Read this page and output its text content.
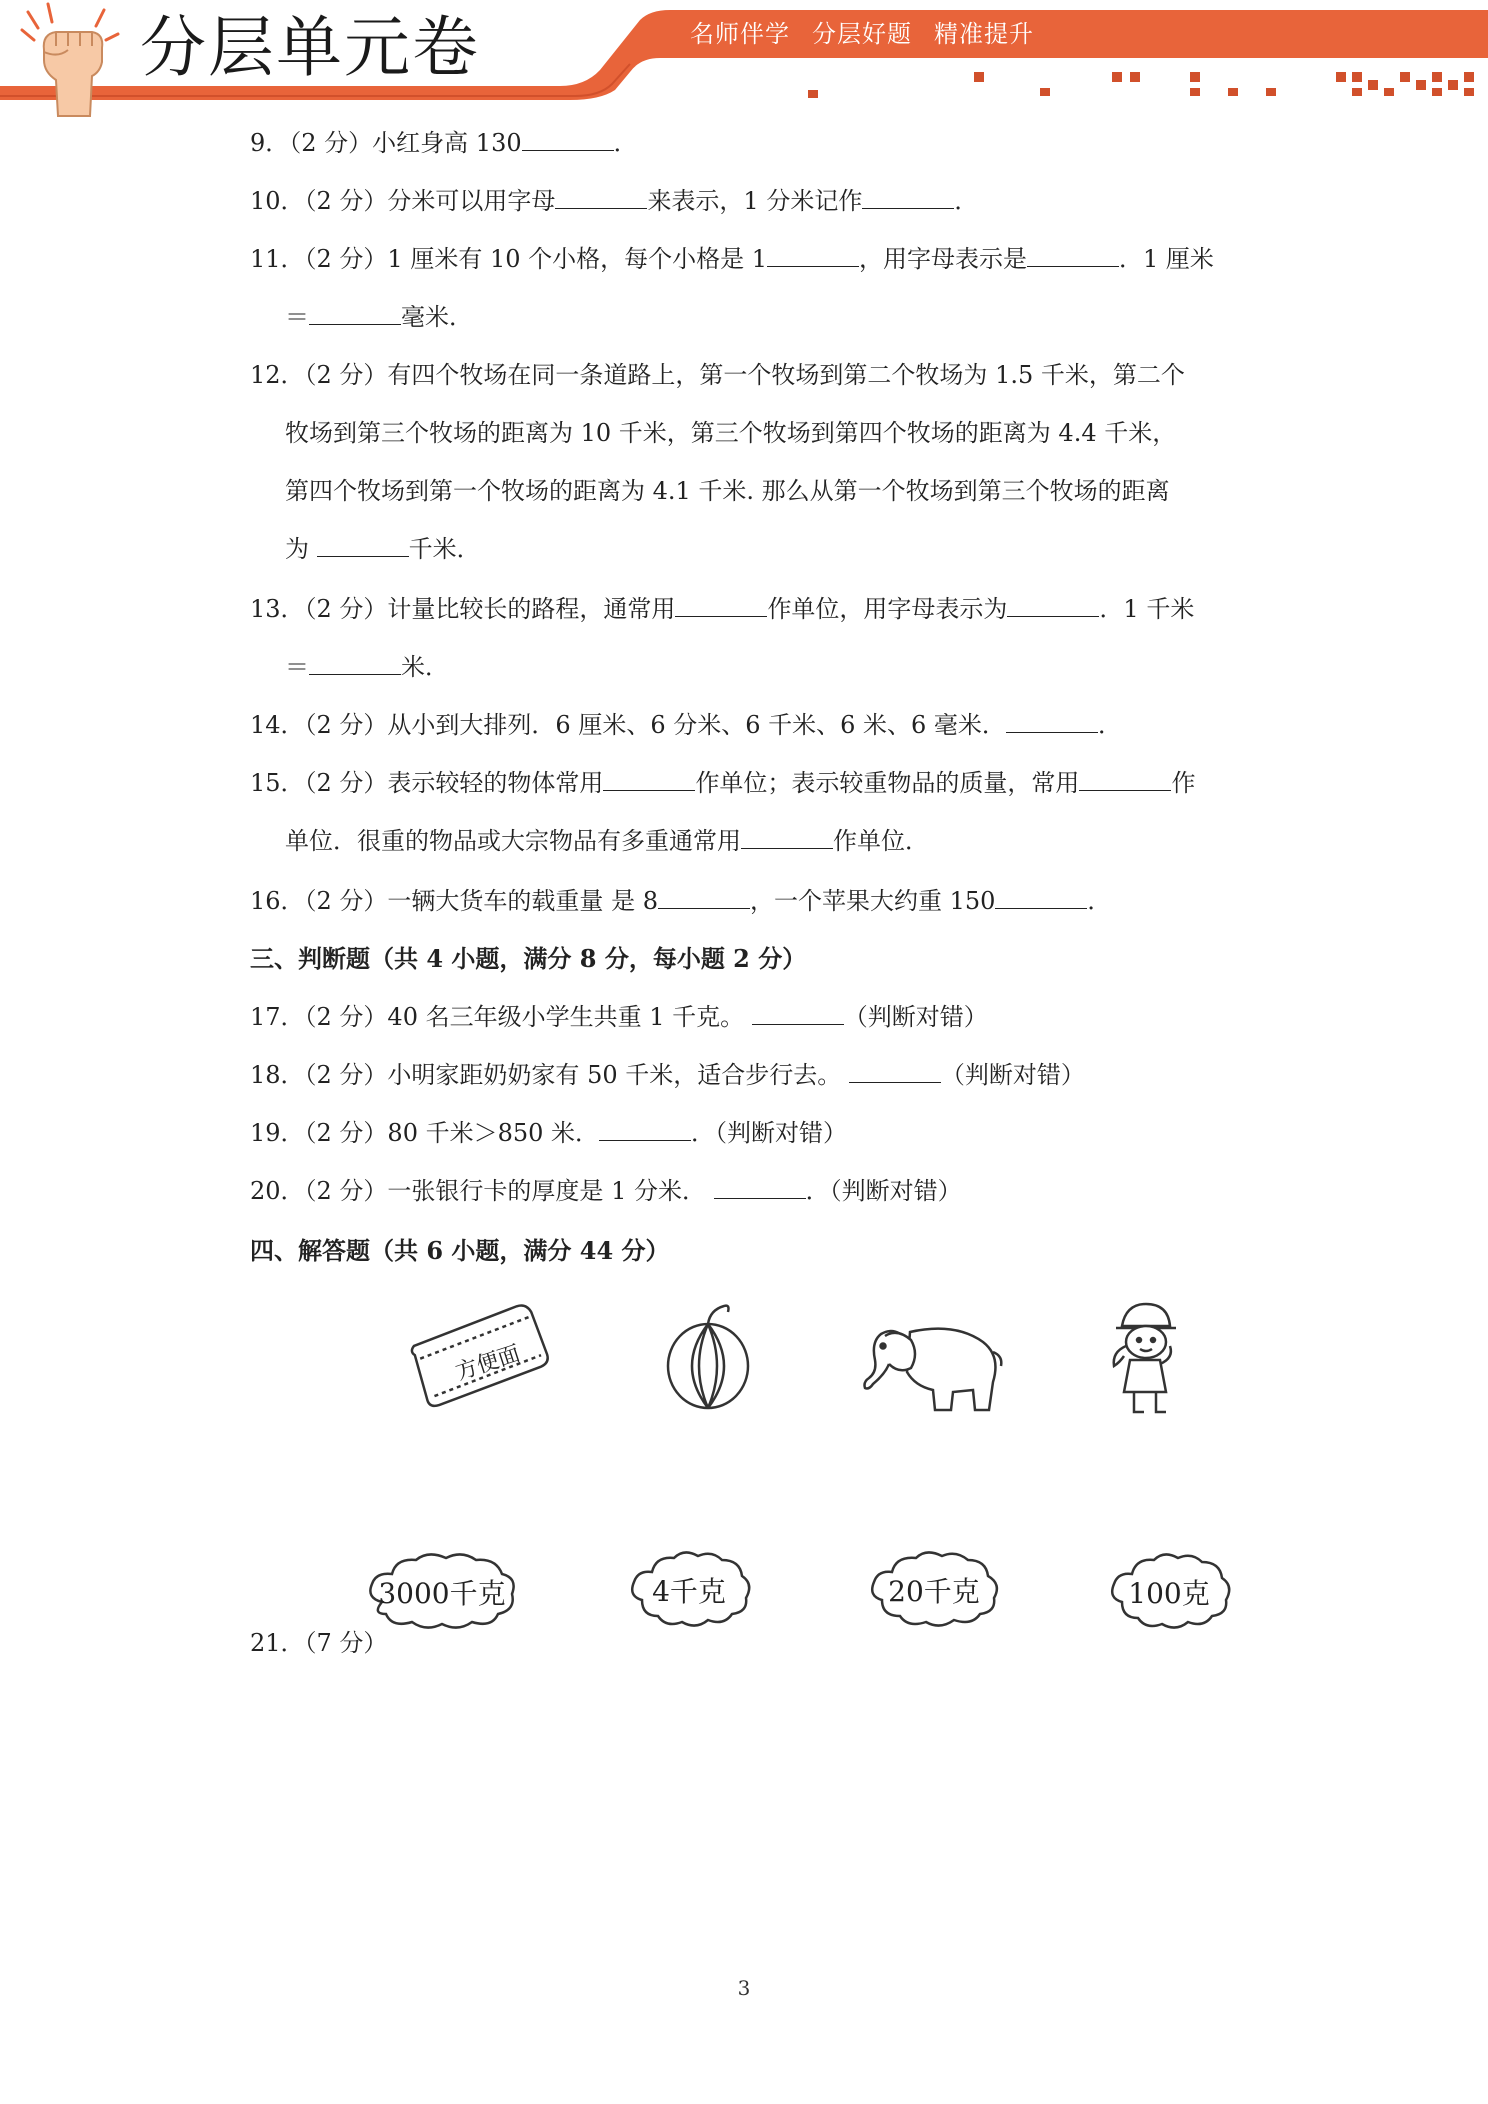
分层单元卷	名师伴学 分层好题 精准提升
9．（2 分）小红身高 130	．
10．（2 分）分米可以用字母	来表示，1 分米记作	．
11．（2 分）1 厘米有 10 个小格，每个小格是 1	，用字母表示是	．1 厘米
＝	毫米．
12．（2 分）有四个牧场在同一条道路上，第一个牧场到第二个牧场为 1.5 千米，第二个
牧场到第三个牧场的距离为 10 千米，第三个牧场到第四个牧场的距离为 4.4 千米，
第四个牧场到第一个牧场的距离为 4.1 千米. 那么从第一个牧场到第三个牧场的距离
为	千米．
13．（2 分）计量比较长的路程，通常用	作单位，用字母表示为	．1 千米
＝	米．
14．（2 分）从小到大排列．6 厘米、6 分米、6 千米、6 米、6 毫米．	．
15．（2 分）表示较轻的物体常用	作单位；表示较重物品的质量，常用	作
单位．很重的物品或大宗物品有多重通常用	作单位．
16．（2 分）一辆大货车的载重量 是 8	，一个苹果大约重 150	．
三、判断题（共 4 小题，满分 8 分，每小题 2 分）
17．（2 分）40 名三年级小学生共重 1 千克。	（判断对错）
18．（2 分）小明家距奶奶家有 50 千米，适合步行去。	（判断对错）
19．（2 分）80 千米＞850 米．	．（判断对错）
20．（2 分）一张银行卡的厚度是 1 分米．	．（判断对错）
四、解答题（共 6 小题，满分 44 分）
方便面
21．（7 分）
3000千克	4千克	20千克	100克
3
